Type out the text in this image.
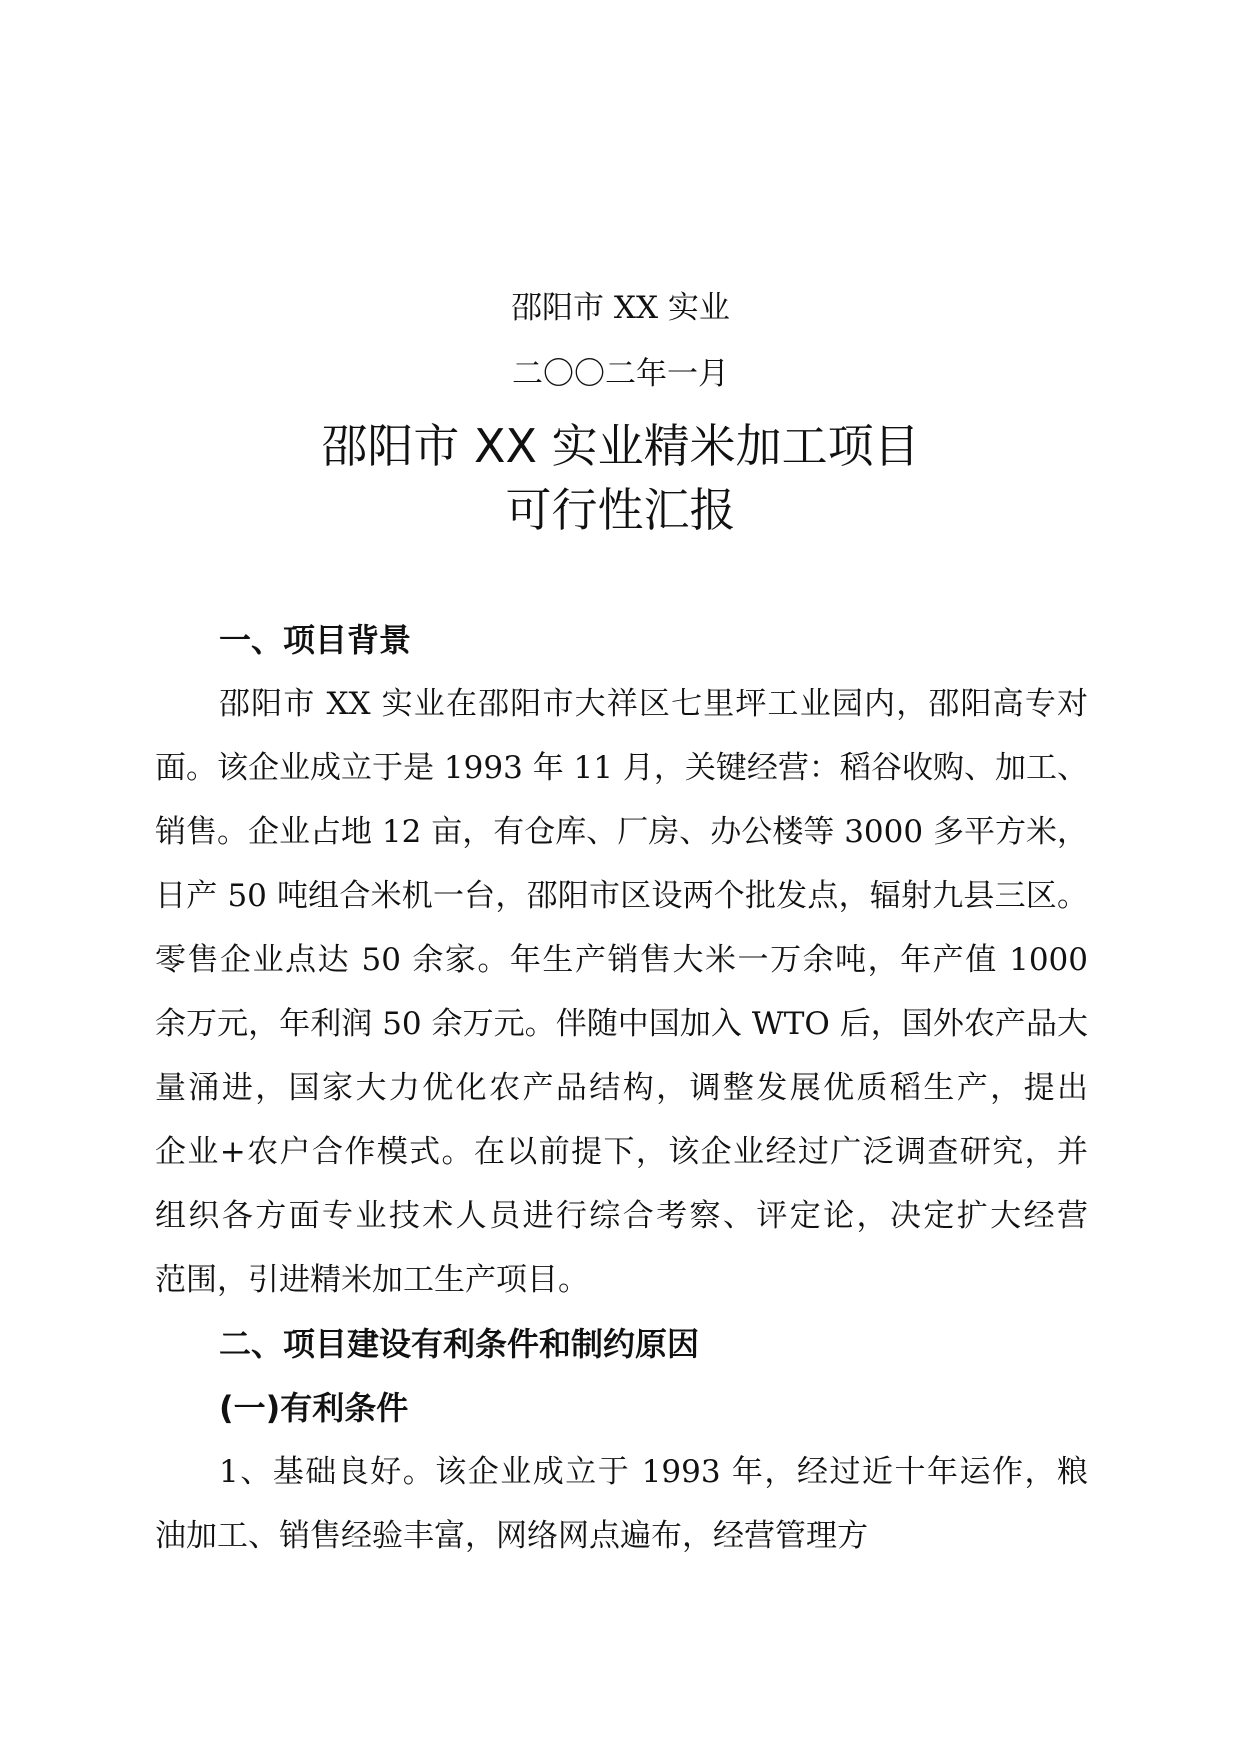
邵阳市 XX 实业
二〇〇二年一月
邵阳市 XX 实业精米加工项目
可行性汇报
一、项目背景
邵阳市 XX 实业在邵阳市大祥区七里坪工业园内，邵阳高专对
面。该企业成立于是 1993 年 11 月，关键经营：稻谷收购、加工、
销售。企业占地 12 亩，有仓库、厂房、办公楼等 3000 多平方米，
日产 50 吨组合米机一台，邵阳市区设两个批发点，辐射九县三区。
零售企业点达 50 余家。年生产销售大米一万余吨，年产值 1000
余万元，年利润 50 余万元。伴随中国加入 WTO 后，国外农产品大
量涌进，国家大力优化农产品结构，调整发展优质稻生产，提出
企业+农户合作模式。在以前提下，该企业经过广泛调查研究，并
组织各方面专业技术人员进行综合考察、评定论，决定扩大经营
范围，引进精米加工生产项目。
二、项目建设有利条件和制约原因
(一)有利条件
1、基础良好。该企业成立于 1993 年，经过近十年运作，粮
油加工、销售经验丰富，网络网点遍布，经营管理方
